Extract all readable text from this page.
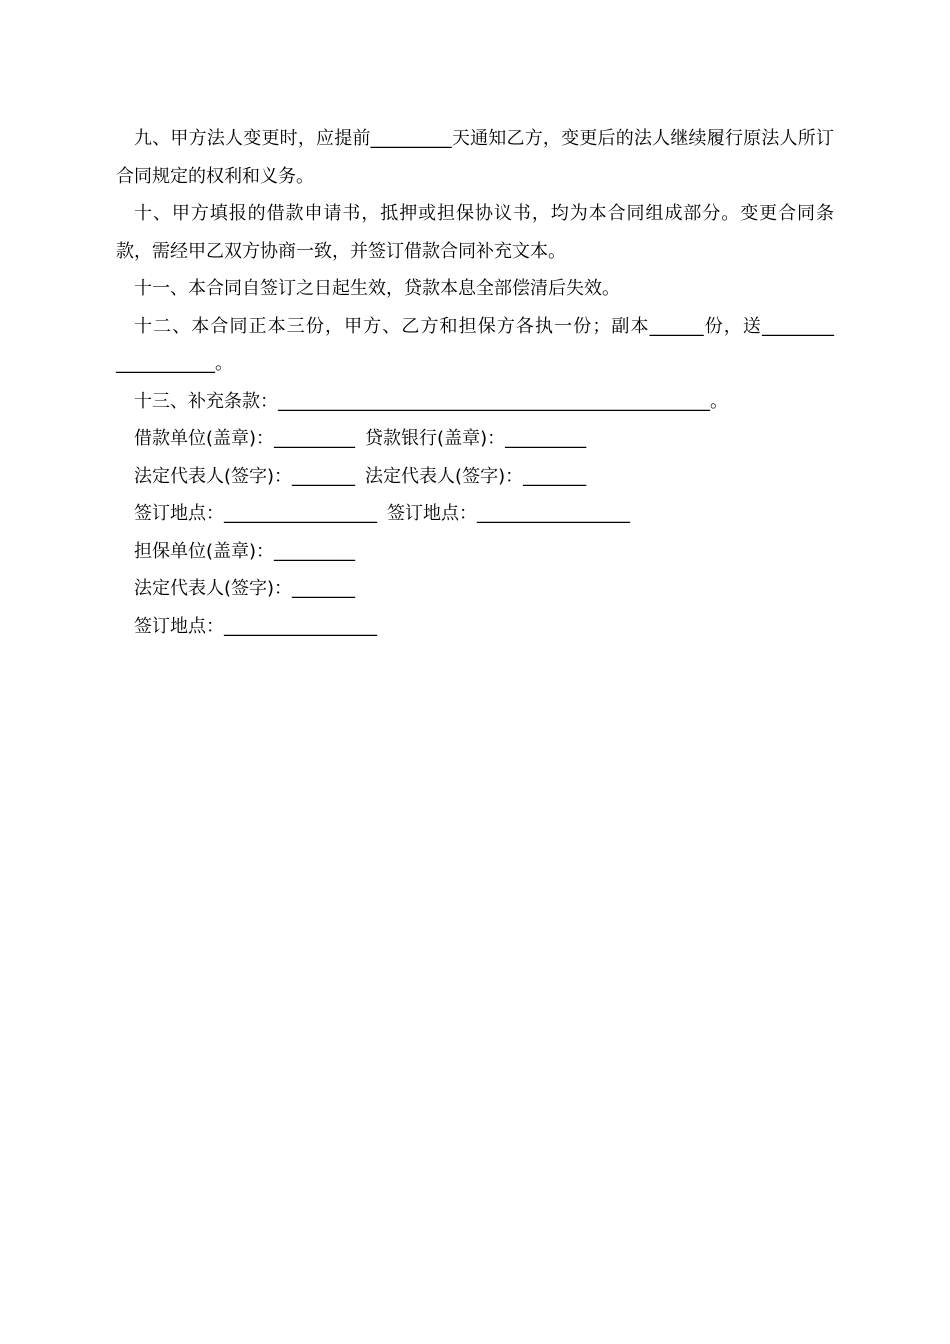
九、甲方法人变更时，应提前_________天通知乙方，变更后的法人继续履行原法人所订合同规定的权利和义务。

十、甲方填报的借款申请书，抵押或担保协议书，均为本合同组成部分。变更合同条款，需经甲乙双方协商一致，并签订借款合同补充文本。

十一、本合同自签订之日起生效，贷款本息全部偿清后失效。

十二、本合同正本三份，甲方、乙方和担保方各执一份；副本______份，送________ ___________。

十三、补充条款：________________________________________________。

借款单位(盖章)：_________ 贷款银行(盖章)：_________

法定代表人(签字)：_______ 法定代表人(签字)：_______

签订地点：_________________ 签订地点：_________________

担保单位(盖章)：_________

法定代表人(签字)：_______

签订地点：_________________
